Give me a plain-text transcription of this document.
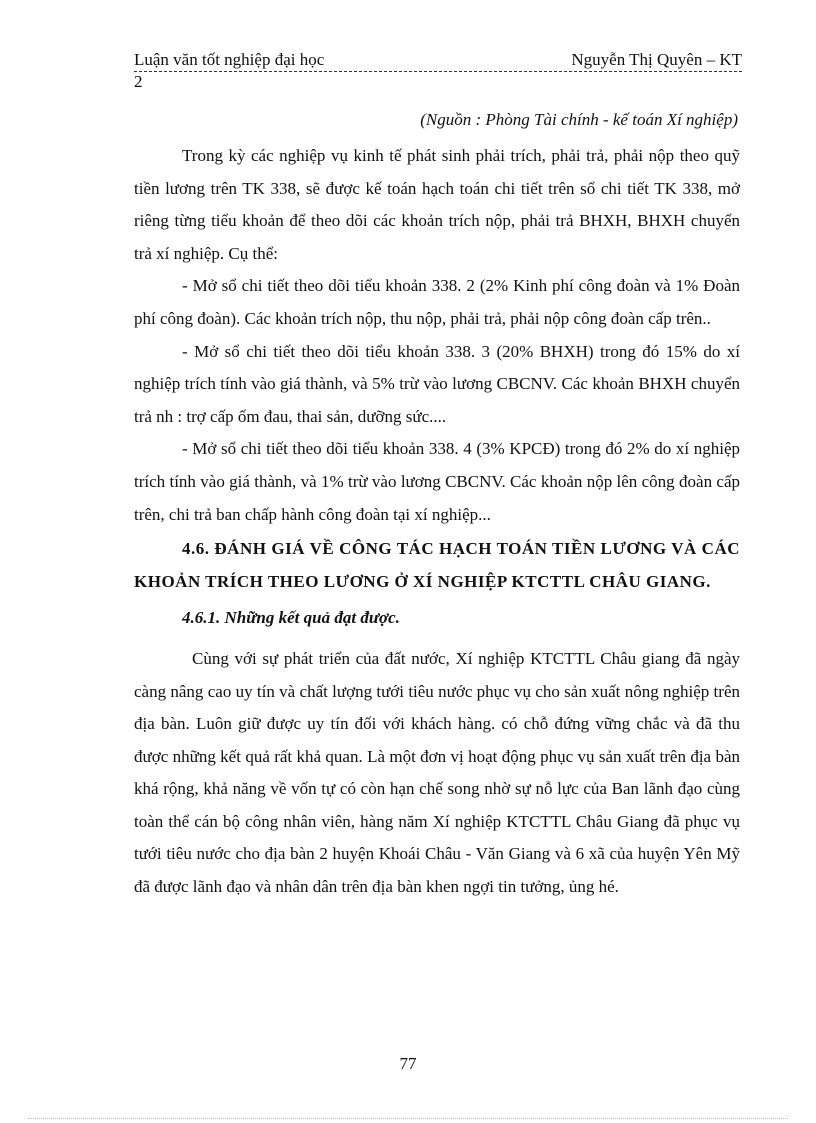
Luận văn tốt nghiệp đại học	Nguyễn Thị Quyên – KT
2
(Nguồn : Phòng Tài chính - kế toán Xí nghiệp)

Trong kỳ các nghiệp vụ kinh tế phát sinh phải trích, phải trả, phải nộp theo quỹ tiền lương trên TK 338, sẽ được kế toán hạch toán chi tiết trên sổ chi tiết TK 338, mở riêng từng tiểu khoản để theo dõi các khoản trích nộp, phải trả BHXH, BHXH chuyển trả xí nghiệp. Cụ thể:

- Mở sổ chi tiết theo dõi tiểu khoản 338. 2 (2% Kinh phí công đoàn và 1% Đoàn phí công đoàn). Các khoản trích nộp, thu nộp, phải trả, phải nộp công đoàn cấp trên..

- Mở sổ chi tiết theo dõi tiểu khoản 338. 3 (20% BHXH) trong đó 15% do xí nghiệp trích tính vào giá thành, và 5% trừ vào lương CBCNV. Các khoản BHXH chuyển trả nh : trợ cấp ốm đau, thai sản, dưỡng sức....

- Mở sổ chi tiết theo dõi tiểu khoản 338. 4 (3% KPCĐ) trong đó 2% do xí nghiệp trích tính vào giá thành, và 1% trừ vào lương CBCNV. Các khoản nộp lên công đoàn cấp trên, chi trả ban chấp hành công đoàn tại xí nghiệp...

4.6. ĐÁNH GIÁ VỀ CÔNG TÁC HẠCH TOÁN TIỀN LƯƠNG VÀ CÁC KHOẢN TRÍCH THEO LƯƠNG Ở XÍ NGHIỆP KTCTTL CHÂU GIANG.

4.6.1. Những kết quả đạt được.

Cùng với sự phát triển của đất nước, Xí nghiệp KTCTTL Châu giang đã ngày càng nâng cao uy tín và chất lượng tưới tiêu nước phục vụ cho sản xuất nông nghiệp trên địa bàn. Luôn giữ được uy tín đối với khách hàng. có chỗ đứng vững chắc và đã thu được những kết quả rất khả quan. Là một đơn vị hoạt động phục vụ sản xuất trên địa bàn khá rộng, khả năng về vốn tự có còn hạn chế song nhờ sự nỗ lực của Ban lãnh đạo cùng toàn thể cán bộ công nhân viên, hàng năm Xí nghiệp KTCTTL Châu Giang đã phục vụ tưới tiêu nước cho địa bàn 2 huyện Khoái Châu - Văn Giang và 6 xã của huyện Yên Mỹ đã được lãnh đạo và nhân dân trên địa bàn khen ngợi tin tưởng, ủng hé.

77
